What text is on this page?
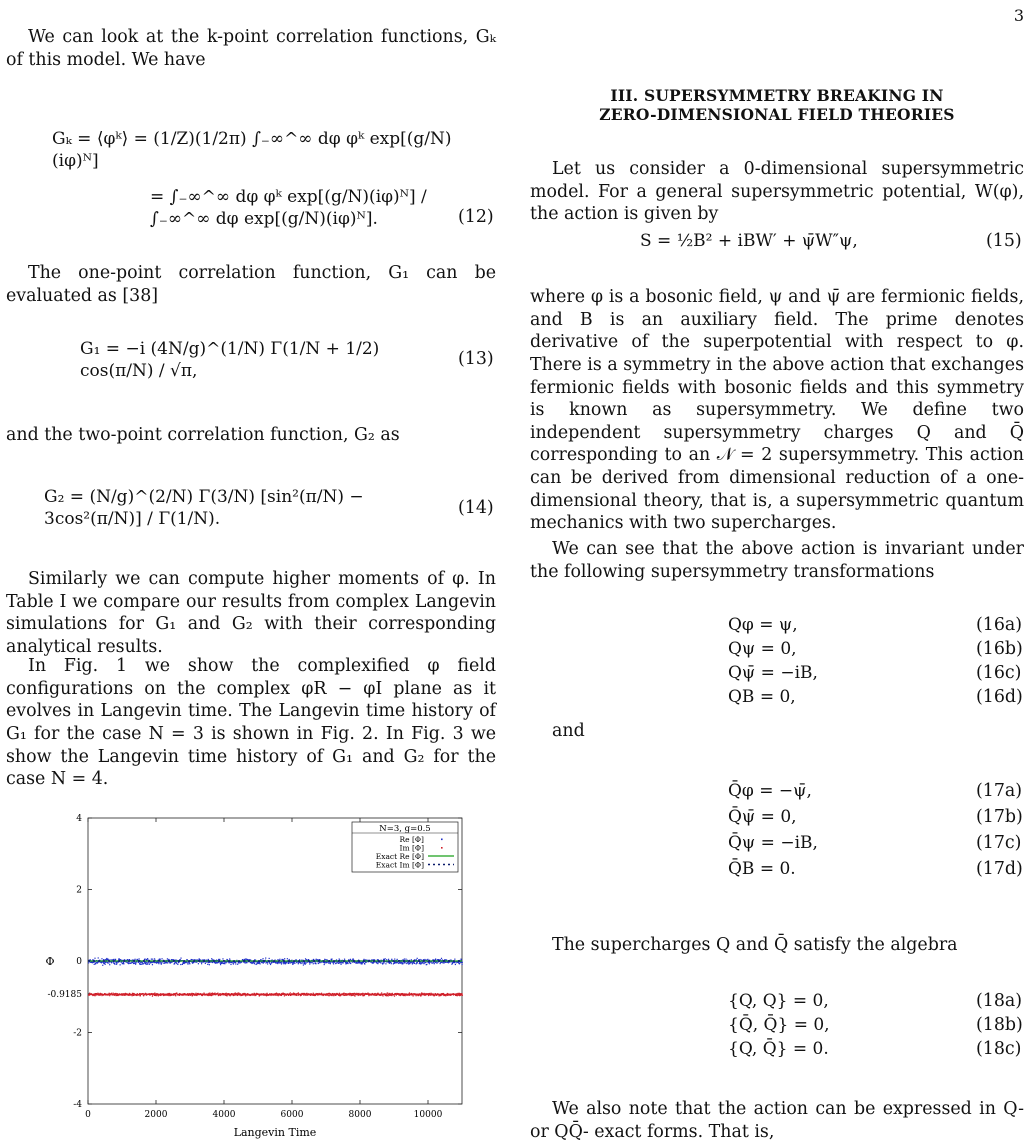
3
We can look at the k-point correlation functions, Gₖ of this model. We have
Gₖ = ⟨φᵏ⟩ = (1/Z)(1/2π) ∫₋∞^∞ dφ φᵏ exp[(g/N)(iφ)ᴺ]
= ∫₋∞^∞ dφ φᵏ exp[(g/N)(iφ)ᴺ] / ∫₋∞^∞ dφ exp[(g/N)(iφ)ᴺ].	(12)
The one-point correlation function, G₁ can be evaluated as [38]
G₁ = −i (4N/g)^(1/N) Γ(1/N + 1/2) cos(π/N) / √π,
(13)
and the two-point correlation function, G₂ as
G₂ = (N/g)^(2/N) Γ(3/N) [sin²(π/N) − 3cos²(π/N)] / Γ(1/N).
(14)
Similarly we can compute higher moments of φ. In Table I we compare our results from complex Langevin simulations for G₁ and G₂ with their corresponding analytical results.
In Fig. 1 we show the complexified φ field configurations on the complex φR − φI plane as it evolves in Langevin time. The Langevin time history of G₁ for the case N = 3 is shown in Fig. 2. In Fig. 3 we show the Langevin time history of G₁ and G₂ for the case N = 4.
0	2000	4000	6000	8000	10000
4
2
0
-0.9185
-2
-4
N=3, g=0.5
Re [Φ]
Im [Φ]
Exact Re [Φ]
Exact Im [Φ]
Φ
Langevin Time
III. SUPERSYMMETRY BREAKING IN
ZERO-DIMENSIONAL FIELD THEORIES
Let us consider a 0-dimensional supersymmetric model. For a general supersymmetric potential, W(φ), the action is given by
S = ½B² + iBW′ + ψ̄W″ψ,	(15)
where φ is a bosonic field, ψ and ψ̄ are fermionic fields, and B is an auxiliary field. The prime denotes derivative of the superpotential with respect to φ. There is a symmetry in the above action that exchanges fermionic fields with bosonic fields and this symmetry is known as supersymmetry. We define two independent supersymmetry charges Q and Q̄ corresponding to an 𝒩 = 2 supersymmetry. This action can be derived from dimensional reduction of a one-dimensional theory, that is, a supersymmetric quantum mechanics with two supercharges.
We can see that the above action is invariant under the following supersymmetry transformations
Qφ = ψ,	(16a)
Qψ = 0,	(16b)
Qψ̄ = −iB,	(16c)
QB = 0,	(16d)
and
Q̄φ = −ψ̄,	(17a)
Q̄ψ̄ = 0,	(17b)
Q̄ψ = −iB,	(17c)
Q̄B = 0.	(17d)
The supercharges Q and Q̄ satisfy the algebra
{Q, Q} = 0,	(18a)
{Q̄, Q̄} = 0,	(18b)
{Q, Q̄} = 0.	(18c)
We also note that the action can be expressed in Q- or QQ̄- exact forms. That is,
